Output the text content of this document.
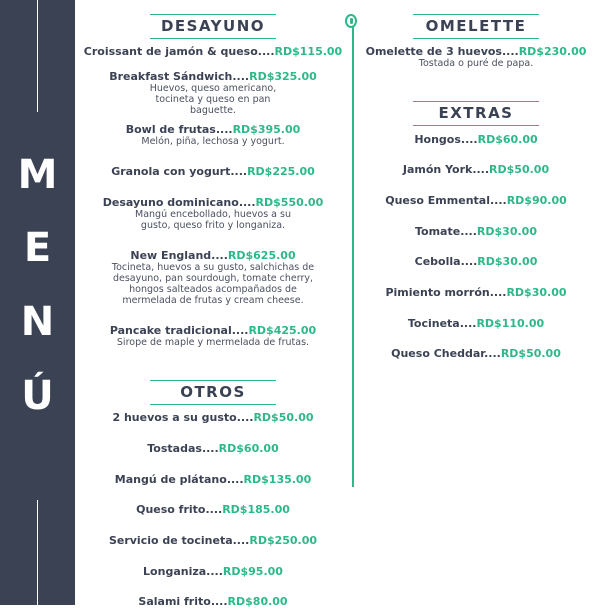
M
E
N
Ú
DESAYUNO
Croissant de jamón & queso....RD$115.00
Breakfast Sándwich....RD$325.00
Huevos, queso americano, tocineta y queso en pan baguette.
Bowl de frutas....RD$395.00
Melón, piña, lechosa y yogurt.
Granola con yogurt....RD$225.00
Desayuno dominicano....RD$550.00
Mangú encebollado, huevos a su gusto, queso frito y longaniza.
New England....RD$625.00
Tocineta, huevos a su gusto, salchichas de desayuno, pan sourdough, tomate cherry, hongos salteados acompañados de mermelada de frutas y cream cheese.
Pancake tradicional....RD$425.00
Sirope de maple y mermelada de frutas.
OTROS
2 huevos a su gusto....RD$50.00
Tostadas....RD$60.00
Mangú de plátano....RD$135.00
Queso frito....RD$185.00
Servicio de tocineta....RD$250.00
Longaniza....RD$95.00
Salami frito....RD$80.00
OMELETTE
Omelette de 3 huevos....RD$230.00
Tostada o puré de papa.
EXTRAS
Hongos....RD$60.00
Jamón York....RD$50.00
Queso Emmental....RD$90.00
Tomate....RD$30.00
Cebolla....RD$30.00
Pimiento morrón....RD$30.00
Tocineta....RD$110.00
Queso Cheddar....RD$50.00
